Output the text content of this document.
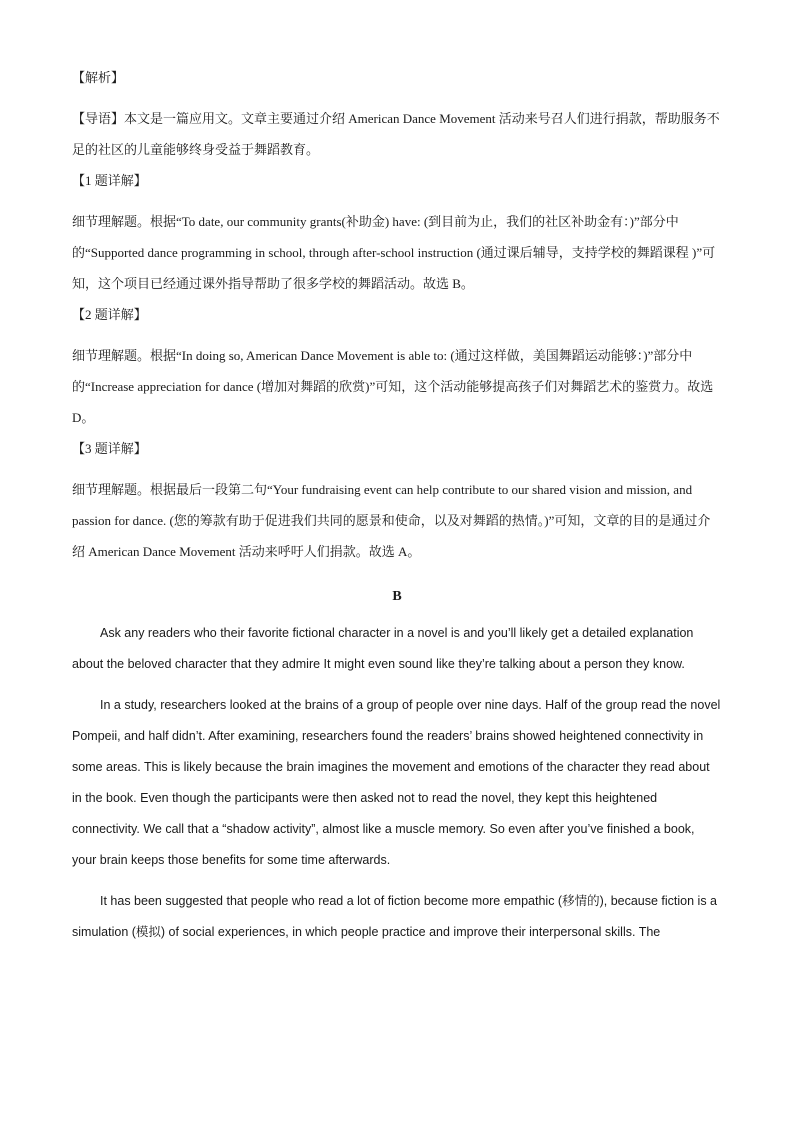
【解析】

【导语】本文是一篇应用文。文章主要通过介绍 American Dance Movement 活动来号召人们进行捐款，帮助服务不足的社区的儿童能够终身受益于舞蹈教育。

【1 题详解】

细节理解题。根据“To date, our community grants(补助金) have: (到目前为止，我们的社区补助金有：)”部分中的“Supported dance programming in school, through after-school instruction (通过课后辅导，支持学校的舞蹈课程 )”可知，这个项目已经通过课外指导帮助了很多学校的舞蹈活动。故选 B。

【2 题详解】

细节理解题。根据“In doing so, American Dance Movement is able to: (通过这样做，美国舞蹈运动能够：)”部分中的“Increase appreciation for dance (增加对舞蹈的欣赏)”可知，这个活动能够提高孩子们对舞蹈艺术的鉴赏力。故选 D。

【3 题详解】

细节理解题。根据最后一段第二句“Your fundraising event can help contribute to our shared vision and mission, and passion for dance. (您的筹款有助于促进我们共同的愿景和使命，以及对舞蹈的热情。)”可知，文章的目的是通过介绍 American Dance Movement 活动来呼吁人们捐款。故选 A。

B

Ask any readers who their favorite fictional character in a novel is and you’ll likely get a detailed explanation about the beloved character that they admire It might even sound like they’re talking about a person they know.

In a study, researchers looked at the brains of a group of people over nine days. Half of the group read the novel Pompeii, and half didn’t. After examining, researchers found the readers’ brains showed heightened connectivity in some areas. This is likely because the brain imagines the movement and emotions of the character they read about in the book. Even though the participants were then asked not to read the novel, they kept this heightened connectivity. We call that a “shadow activity”, almost like a muscle memory. So even after you’ve finished a book, your brain keeps those benefits for some time afterwards.

It has been suggested that people who read a lot of fiction become more empathic (移情的), because fiction is a simulation (模拟) of social experiences, in which people practice and improve their interpersonal skills. The
